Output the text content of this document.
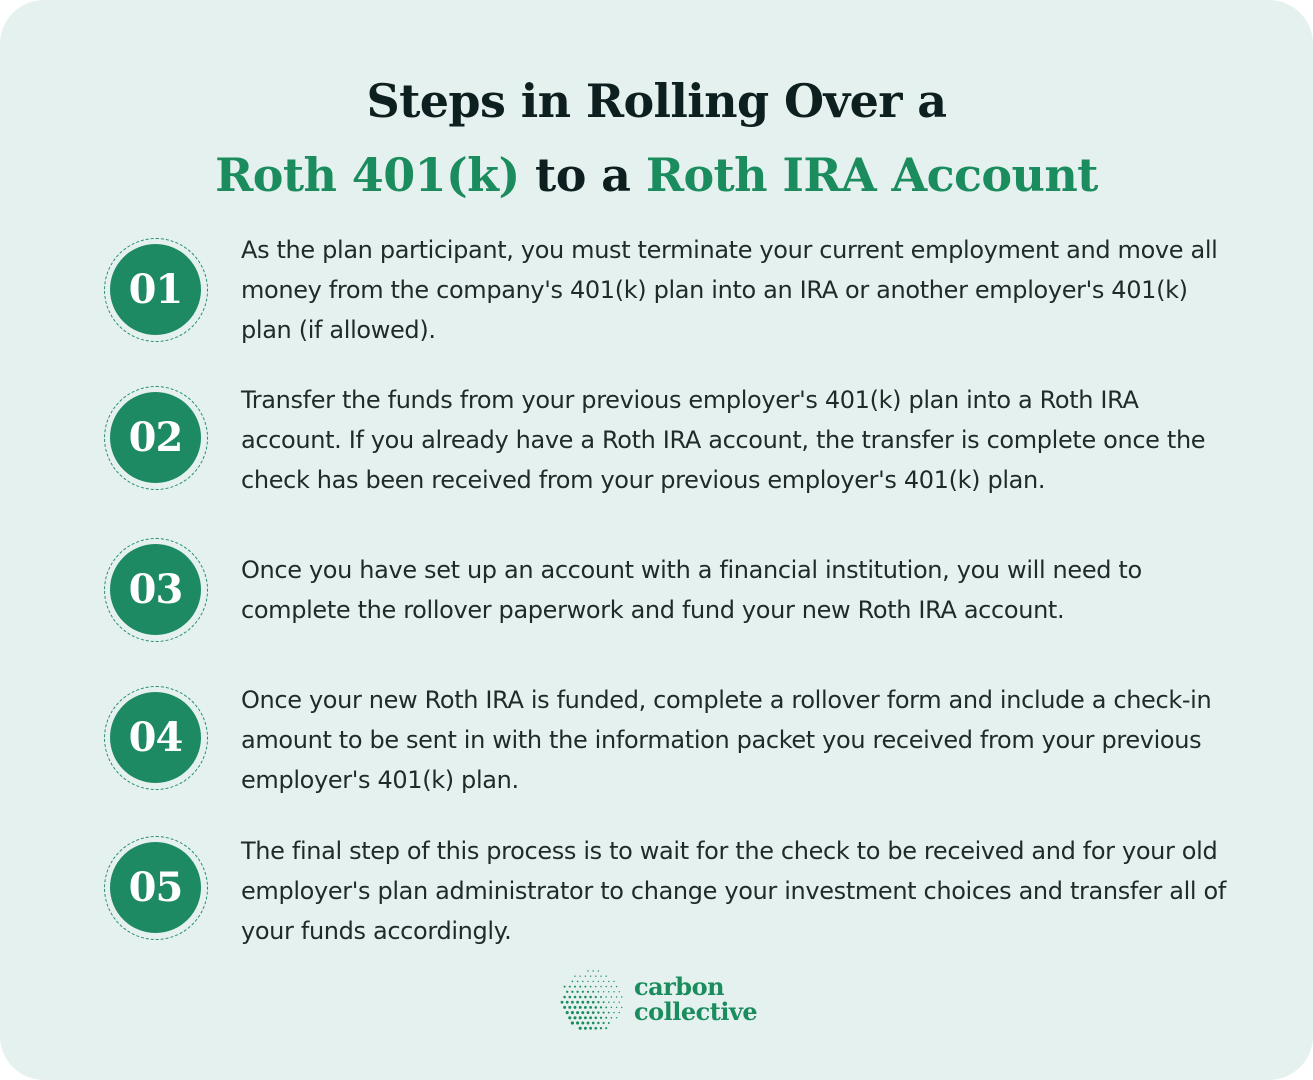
Steps in Rolling Over a
Roth 401(k) to a Roth IRA Account
01

As the plan participant, you must terminate your current employment and move all money from the company's 401(k) plan into an IRA or another employer's 401(k) plan (if allowed).

02

Transfer the funds from your previous employer's 401(k) plan into a Roth IRA account. If you already have a Roth IRA account, the transfer is complete once the check has been received from your previous employer's 401(k) plan.

03	Once you have set up an account with a financial institution, you will need to complete the rollover paperwork and fund your new Roth IRA account.

04

Once your new Roth IRA is funded, complete a rollover form and include a check-in amount to be sent in with the information packet you received from your previous employer's 401(k) plan.

05

The final step of this process is to wait for the check to be received and for your old employer's plan administrator to change your investment choices and transfer all of your funds accordingly.

carbon
collective
